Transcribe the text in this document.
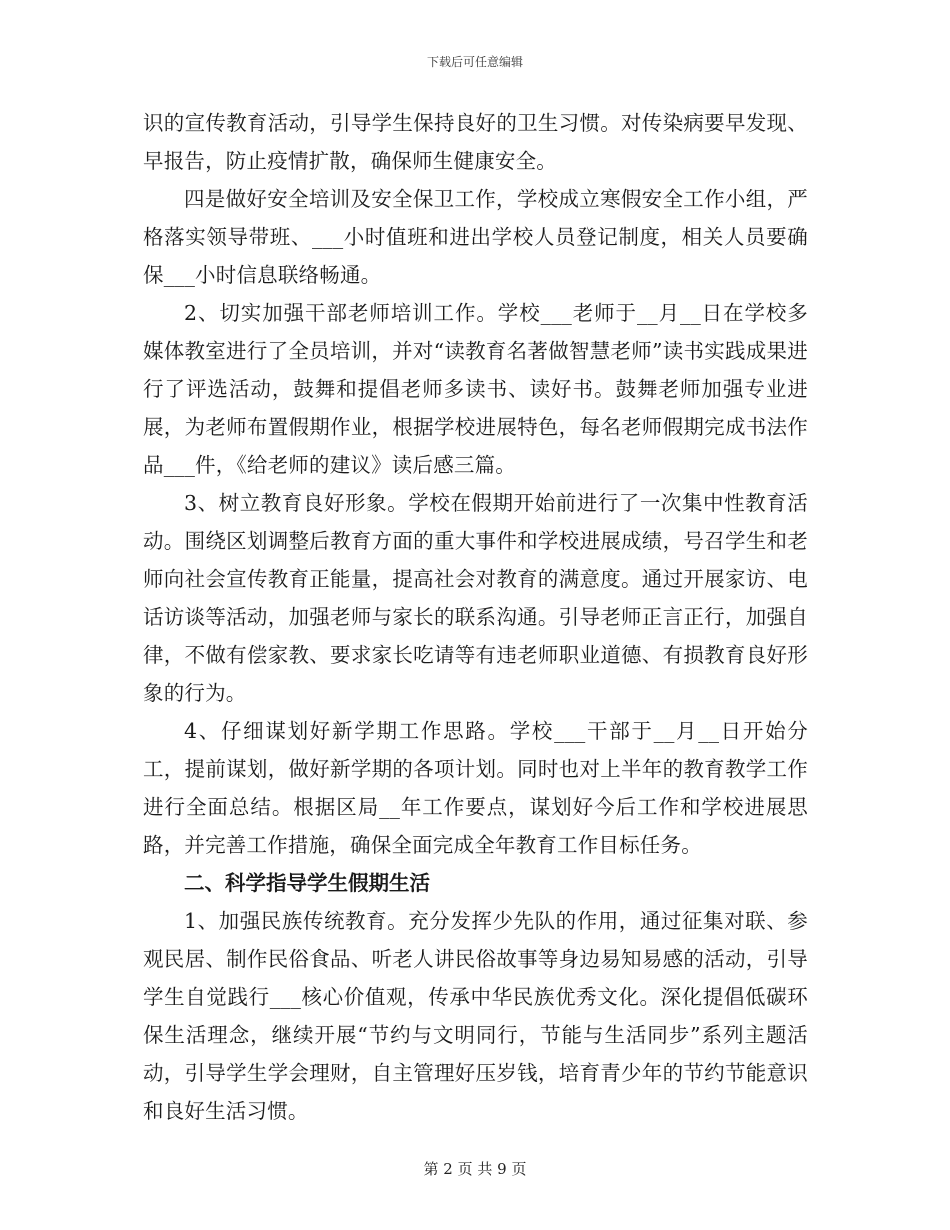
下载后可任意编辑

识的宣传教育活动，引导学生保持良好的卫生习惯。对传染病要早发现、早报告，防止疫情扩散，确保师生健康安全。

四是做好安全培训及安全保卫工作，学校成立寒假安全工作小组，严格落实领导带班、___小时值班和进出学校人员登记制度，相关人员要确保___小时信息联络畅通。

2、切实加强干部老师培训工作。学校___老师于__月__日在学校多媒体教室进行了全员培训，并对“读教育名著做智慧老师”读书实践成果进行了评选活动，鼓舞和提倡老师多读书、读好书。鼓舞老师加强专业进展，为老师布置假期作业，根据学校进展特色，每名老师假期完成书法作品___件，《给老师的建议》读后感三篇。

3、树立教育良好形象。学校在假期开始前进行了一次集中性教育活动。围绕区划调整后教育方面的重大事件和学校进展成绩，号召学生和老师向社会宣传教育正能量，提高社会对教育的满意度。通过开展家访、电话访谈等活动，加强老师与家长的联系沟通。引导老师正言正行，加强自律，不做有偿家教、要求家长吃请等有违老师职业道德、有损教育良好形象的行为。

4、仔细谋划好新学期工作思路。学校___干部于__月__日开始分工，提前谋划，做好新学期的各项计划。同时也对上半年的教育教学工作进行全面总结。根据区局__年工作要点，谋划好今后工作和学校进展思路，并完善工作措施，确保全面完成全年教育工作目标任务。

二、科学指导学生假期生活

1、加强民族传统教育。充分发挥少先队的作用，通过征集对联、参观民居、制作民俗食品、听老人讲民俗故事等身边易知易感的活动，引导学生自觉践行___核心价值观，传承中华民族优秀文化。深化提倡低碳环保生活理念，继续开展“节约与文明同行，节能与生活同步”系列主题活动，引导学生学会理财，自主管理好压岁钱，培育青少年的节约节能意识和良好生活习惯。

第 2 页 共 9 页
